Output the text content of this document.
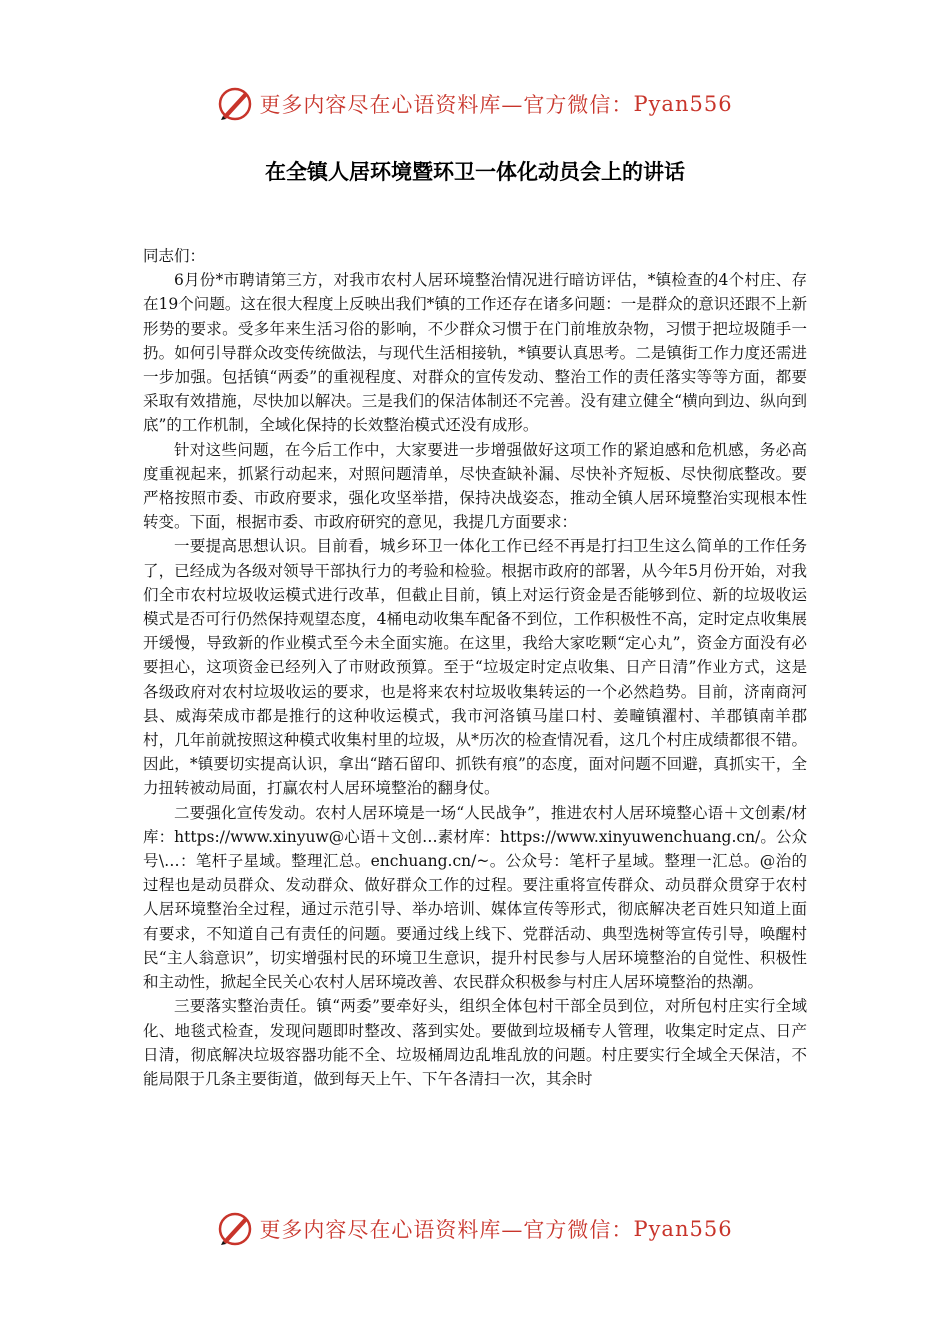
更多内容尽在心语资料库—官方微信： Pyan556
在全镇人居环境暨环卫一体化动员会上的讲话

同志们：

6月份*市聘请第三方，对我市农村人居环境整治情况进行暗访评估，*镇检查的4个村庄、存在19个问题。这在很大程度上反映出我们*镇的工作还存在诸多问题：一是群众的意识还跟不上新形势的要求。受多年来生活习俗的影响，不少群众习惯于在门前堆放杂物，习惯于把垃圾随手一扔。如何引导群众改变传统做法，与现代生活相接轨，*镇要认真思考。二是镇街工作力度还需进一步加强。包括镇“两委”的重视程度、对群众的宣传发动、整治工作的责任落实等等方面，都要采取有效措施，尽快加以解决。三是我们的保洁体制还不完善。没有建立健全“横向到边、纵向到底”的工作机制，全域化保持的长效整治模式还没有成形。

针对这些问题，在今后工作中，大家要进一步增强做好这项工作的紧迫感和危机感，务必高度重视起来，抓紧行动起来，对照问题清单，尽快查缺补漏、尽快补齐短板、尽快彻底整改。要严格按照市委、市政府要求，强化攻坚举措，保持决战姿态，推动全镇人居环境整治实现根本性转变。下面，根据市委、市政府研究的意见，我提几方面要求：

一要提高思想认识。目前看，城乡环卫一体化工作已经不再是打扫卫生这么简单的工作任务了，已经成为各级对领导干部执行力的考验和检验。根据市政府的部署，从今年5月份开始，对我们全市农村垃圾收运模式进行改革，但截止目前，镇上对运行资金是否能够到位、新的垃圾收运模式是否可行仍然保持观望态度，4桶电动收集车配备不到位，工作积极性不高，定时定点收集展开缓慢，导致新的作业模式至今未全面实施。在这里，我给大家吃颗“定心丸”，资金方面没有必要担心，这项资金已经列入了市财政预算。至于“垃圾定时定点收集、日产日清”作业方式，这是各级政府对农村垃圾收运的要求，也是将来农村垃圾收集转运的一个必然趋势。目前，济南商河县、威海荣成市都是推行的这种收运模式，我市河洛镇马崖口村、姜疃镇濯村、羊郡镇南羊郡村，几年前就按照这种模式收集村里的垃圾，从*历次的检查情况看，这几个村庄成绩都很不错。因此，*镇要切实提高认识，拿出“踏石留印、抓铁有痕”的态度，面对问题不回避，真抓实干，全力扭转被动局面，打赢农村人居环境整治的翻身仗。

二要强化宣传发动。农村人居环境是一场“人民战争”，推进农村人居环境整心语＋文创素/材库：https://www.xinyuw@心语＋文创…素材库：https://www.xinyuwenchuang.cn/。公众号\…：笔杆子星域。整理汇总。enchuang.cn/~。公众号：笔杆子星域。整理一汇总。@治的过程也是动员群众、发动群众、做好群众工作的过程。要注重将宣传群众、动员群众贯穿于农村人居环境整治全过程，通过示范引导、举办培训、媒体宣传等形式，彻底解决老百姓只知道上面有要求，不知道自己有责任的问题。要通过线上线下、党群活动、典型选树等宣传引导，唤醒村民“主人翁意识”，切实增强村民的环境卫生意识，提升村民参与人居环境整治的自觉性、积极性和主动性，掀起全民关心农村人居环境改善、农民群众积极参与村庄人居环境整治的热潮。

三要落实整治责任。镇“两委”要牵好头，组织全体包村干部全员到位，对所包村庄实行全域化、地毯式检查，发现问题即时整改、落到实处。要做到垃圾桶专人管理，收集定时定点、日产日清，彻底解决垃圾容器功能不全、垃圾桶周边乱堆乱放的问题。村庄要实行全域全天保洁，不能局限于几条主要街道，做到每天上午、下午各清扫一次，其余时

更多内容尽在心语资料库—官方微信： Pyan556
